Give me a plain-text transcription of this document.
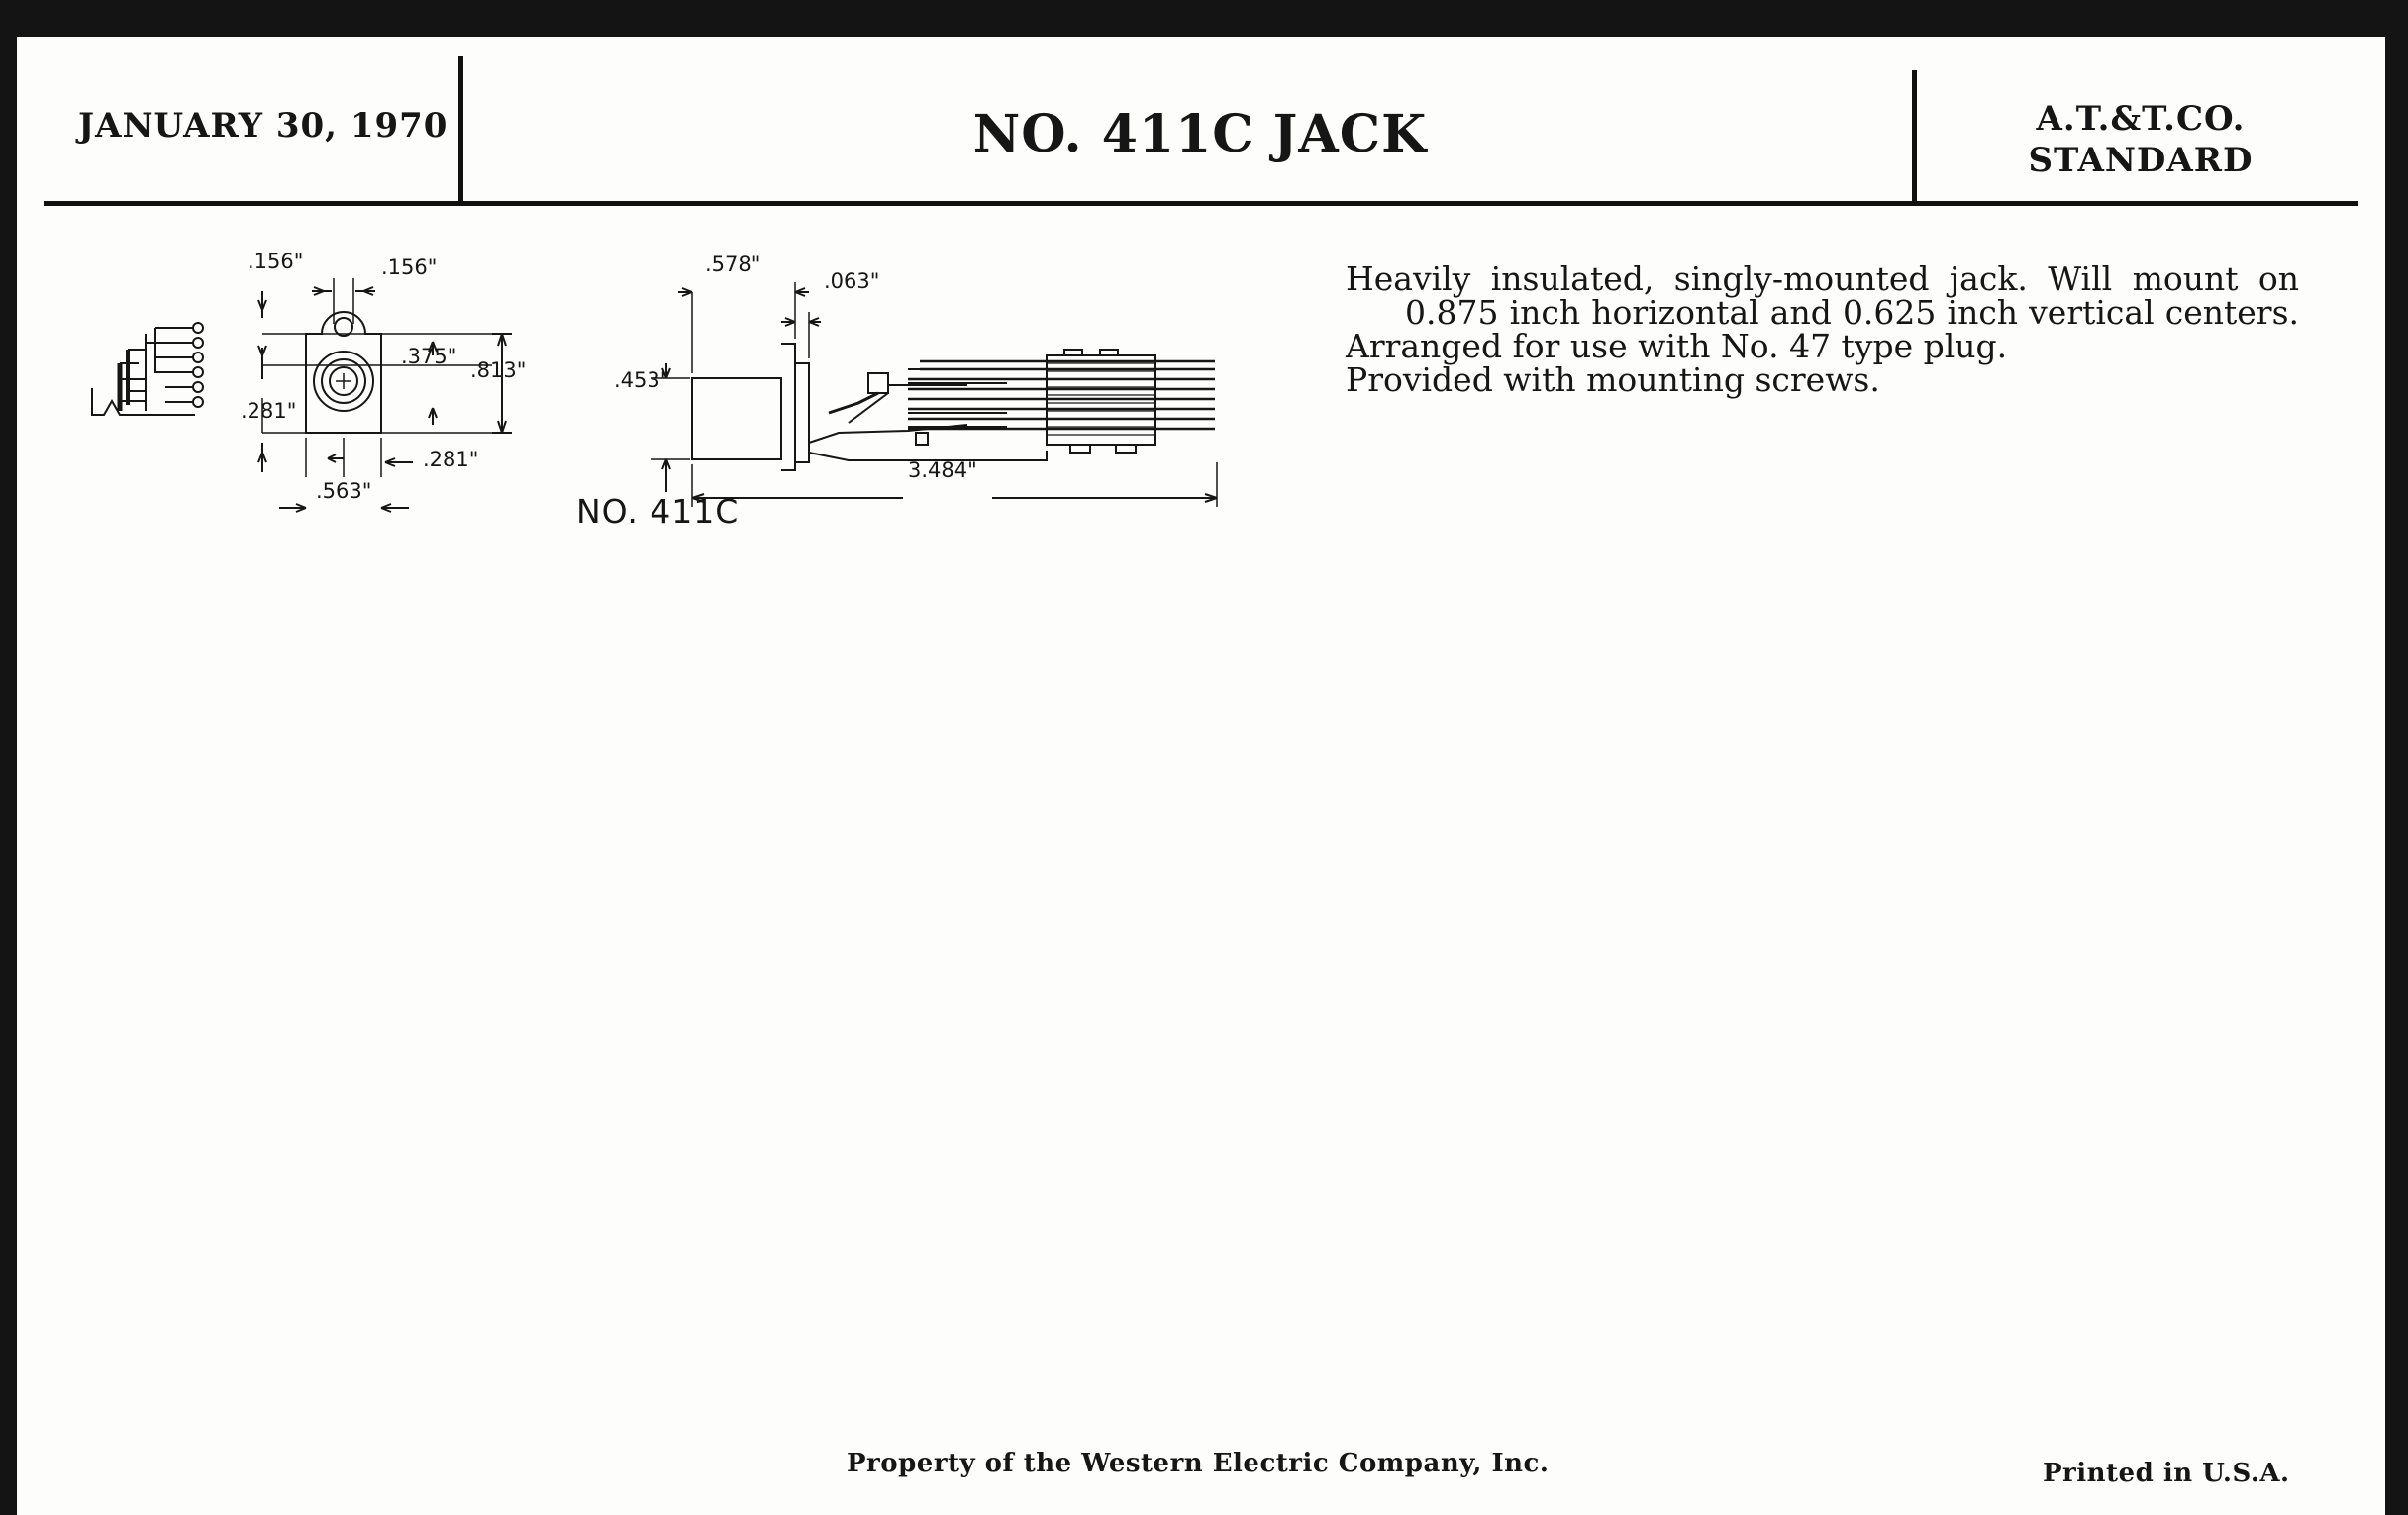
JANUARY 30, 1970	NO. 411C JACK	A.T.&T.CO.
STANDARD
.156"	.156"
.375"
.813"
.281"
.281"
.563"
.578"
.063"
.453"
3.484"
NO. 411C
Heavily insulated, singly-mounted jack. Will mount on
0.875 inch horizontal and 0.625 inch vertical centers.
Arranged for use with No. 47 type plug.
Provided with mounting screws.
Property of the Western Electric Company, Inc.	Printed in U.S.A.
